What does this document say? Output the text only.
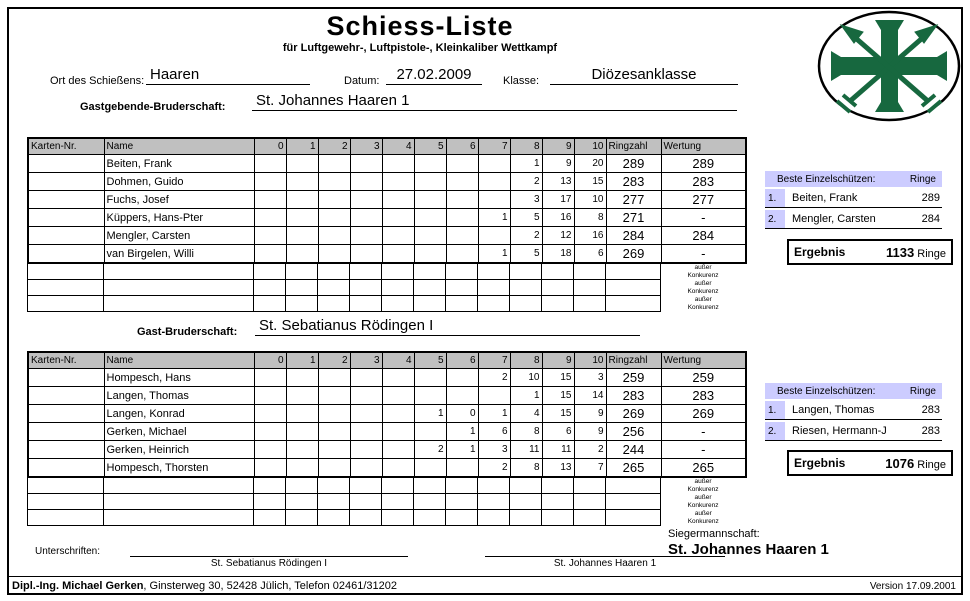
Schiess-Liste
für Luftgewehr-, Luftpistole-, Kleinkaliber Wettkampf
Ort des Schießens: Haaren	Datum:	27.02.2009	Klasse:	Diözesanklasse
Gastgebende-Bruderschaft: St. Johannes Haaren 1
Karten-Nr.	Name	0	1	2	3	4	5	6	7	8	9	10	Ringzahl	Wertung
	Beiten, Frank									1	9	20	289	289
	Dohmen, Guido									2	13	15	283	283
	Fuchs, Josef									3	17	10	277	277
	Küppers, Hans-Pter								1	5	16	8	271	-
	Mengler, Carsten									2	12	16	284	284
	van Birgelen, Willi								1	5	18	6	269	-
														außer
Konkurenz
														außer
Konkurenz
														außer
Konkurenz
Beste Einzelschützen:	Ringe
1.	Beiten, Frank	289
2.	Mengler, Carsten	284
Ergebnis	1133 Ringe
Gast-Bruderschaft: St. Sebatianus Rödingen I
Karten-Nr.	Name	0	1	2	3	4	5	6	7	8	9	10	Ringzahl	Wertung
	Hompesch, Hans								2	10	15	3	259	259
	Langen, Thomas									1	15	14	283	283
	Langen, Konrad						1	0	1	4	15	9	269	269
	Gerken, Michael							1	6	8	6	9	256	-
	Gerken, Heinrich						2	1	3	11	11	2	244	-
	Hompesch, Thorsten								2	8	13	7	265	265
														außer
Konkurenz
														außer
Konkurenz
														außer
Konkurenz
Beste Einzelschützen:	Ringe
1.	Langen, Thomas	283
2.	Riesen, Hermann-J	283
Ergebnis	1076 Ringe
Siegermannschaft:
St. Johannes Haaren 1
Unterschriften:
St. Sebatianus Rödingen I	St. Johannes Haaren 1
Dipl.-Ing. Michael Gerken, Ginsterweg 30, 52428 Jülich, Telefon 02461/31202	Version 17.09.2001
